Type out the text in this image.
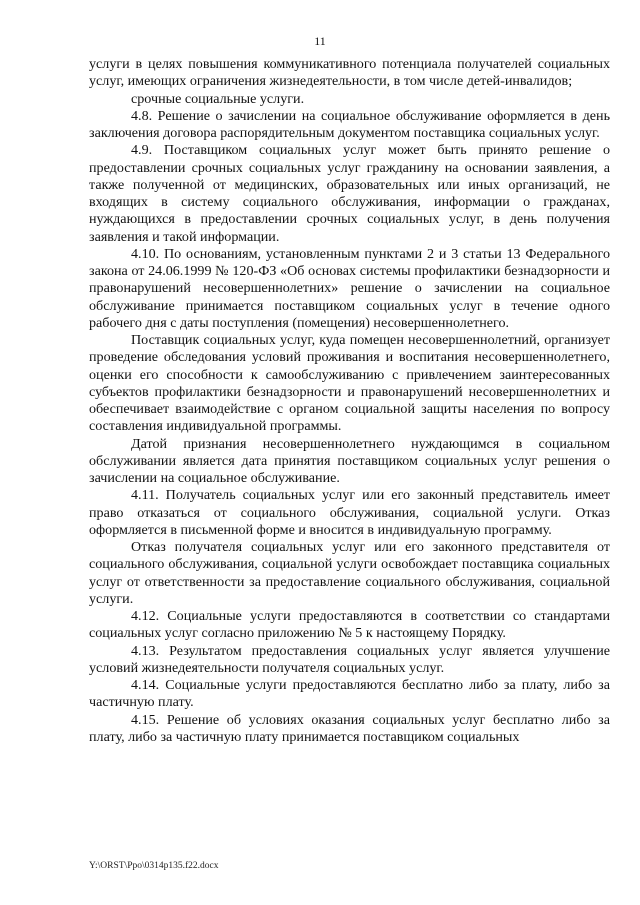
11

услуги в целях повышения коммуникативного потенциала получателей социальных услуг, имеющих ограничения жизнедеятельности, в том числе детей-инвалидов;

срочные социальные услуги.

4.8. Решение о зачислении на социальное обслуживание оформляется в день заключения договора распорядительным документом поставщика социальных услуг.

4.9. Поставщиком социальных услуг может быть принято решение о предоставлении срочных социальных услуг гражданину на основании заявления, а также полученной от медицинских, образовательных или иных организаций, не входящих в систему социального обслуживания, информации о гражданах, нуждающихся в предоставлении срочных социальных услуг, в день получения заявления и такой информации.

4.10. По основаниям, установленным пунктами 2 и 3 статьи 13 Федерального закона от 24.06.1999 № 120-ФЗ «Об основах системы профилактики безнадзорности и правонарушений несовершеннолетних» решение о зачислении на социальное обслуживание принимается поставщиком социальных услуг в течение одного рабочего дня с даты поступления (помещения) несовершеннолетнего.

Поставщик социальных услуг, куда помещен несовершеннолетний, организует проведение обследования условий проживания и воспитания несовершеннолетнего, оценки его способности к самообслуживанию с привлечением заинтересованных субъектов профилактики безнадзорности и правонарушений несовершеннолетних и обеспечивает взаимодействие с органом социальной защиты населения по вопросу составления индивидуальной программы.

Датой признания несовершеннолетнего нуждающимся в социальном обслуживании является дата принятия поставщиком социальных услуг решения о зачислении на социальное обслуживание.

4.11. Получатель социальных услуг или его законный представитель имеет право отказаться от социального обслуживания, социальной услуги. Отказ оформляется в письменной форме и вносится в индивидуальную программу.

Отказ получателя социальных услуг или его законного представителя от социального обслуживания, социальной услуги освобождает поставщика социальных услуг от ответственности за предоставление социального обслуживания, социальной услуги.

4.12. Социальные услуги предоставляются в соответствии со стандартами социальных услуг согласно приложению № 5 к настоящему Порядку.

4.13. Результатом предоставления социальных услуг является улучшение условий жизнедеятельности получателя социальных услуг.

4.14. Социальные услуги предоставляются бесплатно либо за плату, либо за частичную плату.

4.15. Решение об условиях оказания социальных услуг бесплатно либо за плату, либо за частичную плату принимается поставщиком социальных

Y:\ORST\Ppo\0314p135.f22.docx
